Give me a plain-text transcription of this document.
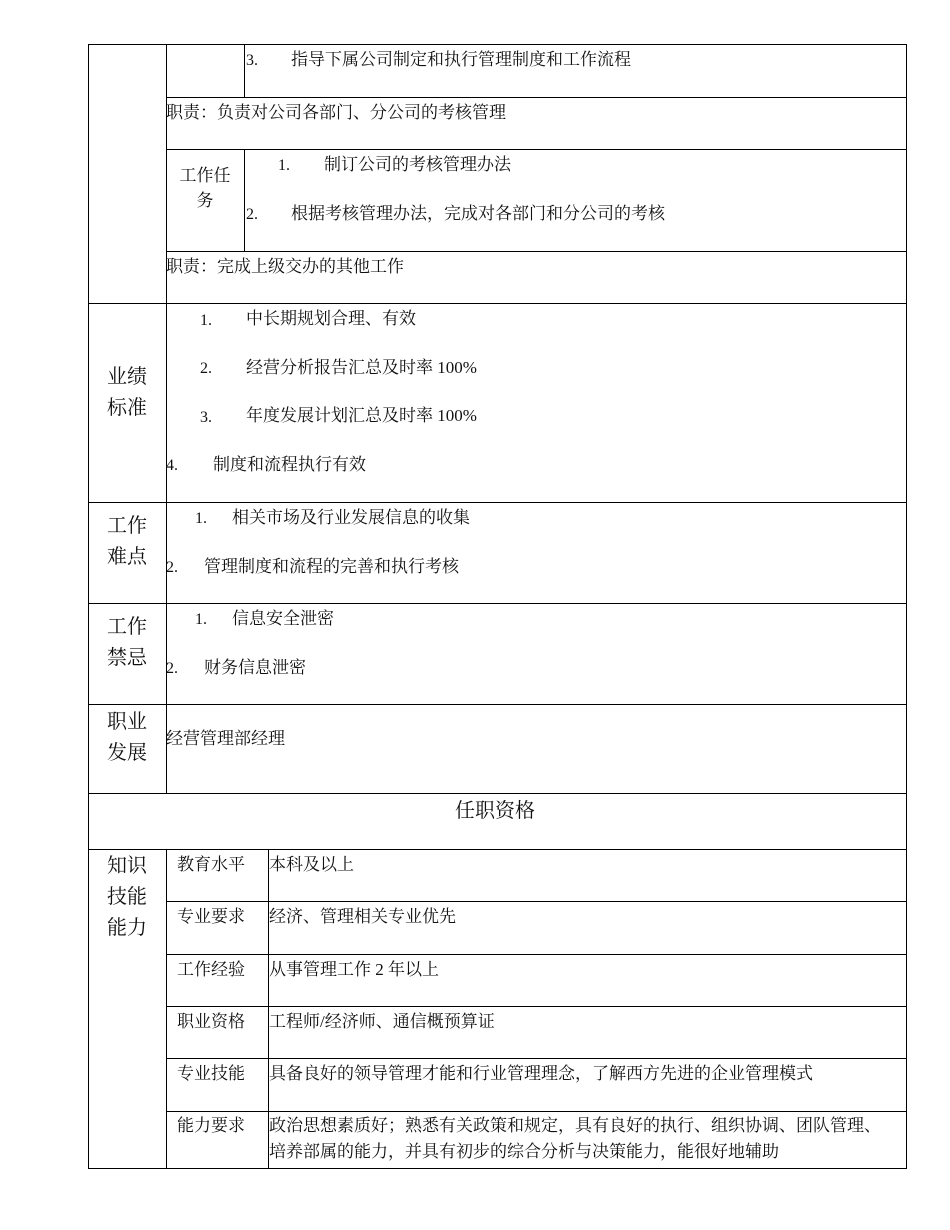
3. 指导下属公司制定和执行管理制度和工作流程
职责：负责对公司各部门、分公司的考核管理
工作任
务
1. 制订公司的考核管理办法
2. 根据考核管理办法，完成对各部门和分公司的考核
职责：完成上级交办的其他工作
业绩
标准
1. 中长期规划合理、有效
2. 经营分析报告汇总及时率 100%
3. 年度发展计划汇总及时率 100%
4. 制度和流程执行有效
工作
难点
1. 相关市场及行业发展信息的收集
2. 管理制度和流程的完善和执行考核
工作
禁忌
1. 信息安全泄密
2. 财务信息泄密
职业
发展
经营管理部经理
任职资格
知识
技能
能力
教育水平 本科及以上
专业要求 经济、管理相关专业优先
工作经验 从事管理工作 2 年以上
职业资格 工程师/经济师、通信概预算证
专业技能 具备良好的领导管理才能和行业管理理念，了解西方先进的企业管理模式
能力要求 政治思想素质好；熟悉有关政策和规定，具有良好的执行、组织协调、团队管理、培养部属的能力，并具有初步的综合分析与决策能力，能很好地辅助
